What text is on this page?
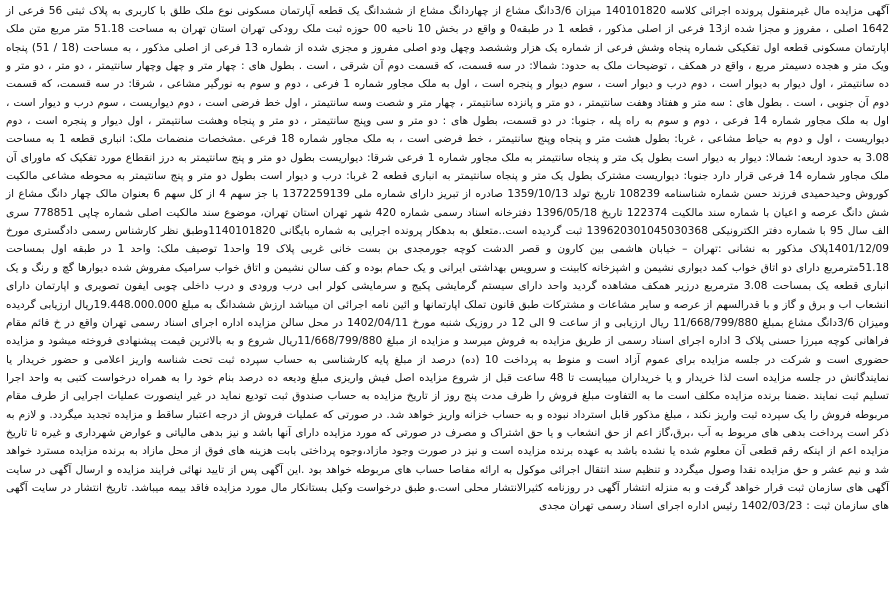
آگهی مزایده مال غیرمنقول پرونده اجرائی کلاسه 140101820 میزان 3/6دانگ مشاع از چهاردانگ مشاع از ششدانگ یک قطعه آپارتمان مسکونی نوع ملک طلق با کاربری به پلاک ثبتی 56 فرعی از 1642 اصلی ، مفروز و مجزا شده از13 فرعی از اصلی مذکور ، قطعه 1 در طبقه0 و واقع در بخش 10 ناحیه 00 حوزه ثبت ملک رودکی تهران استان تهران به مساحت 51.18 متر مربع متن ملک اپارتمان مسکونی قطعه اول تفکیکی شماره پنجاه وشش فرعی از شماره یک هزار وششصد وچهل ودو اصلی مفروز و مجزی شده از شماره 13 فرعی از اصلی مذکور ، به مساحت (18 / 51) پنجاه ویک متر و هجده دسیمتر مربع ، واقع در همکف ، توضیحات ملک به حدود: شمالا: در سه قسمت، که قسمت دوم آن شرقی ، است . بطول های : چهار متر و چهل وچهار سانتیمتر ، دو متر ، دو متر و ده سانتیمتر ، اول دیوار به دیوار است ، دوم درب و دیوار است ، سوم دیوار و پنجره است ، اول به ملک مجاور شماره 1 فرعی ، دوم و سوم به نورگیر مشاعی ، شرقا: در سه قسمت، که قسمت دوم آن جنوبی ، است . بطول های : سه متر و هفتاد وهفت سانتیمتر ، دو متر و پانزده سانتیمتر ، چهار متر و شصت وسه سانتیمتر ، اول خط فرضی است ، دوم دیواریست ، سوم درب و دیوار است ، اول به ملک مجاور شماره 14 فرعی ، دوم و سوم به راه پله ، جنوبا: در دو قسمت، بطول های : دو متر و سی وپنج سانتیمتر ، دو متر و پنجاه وهشت سانتیمتر ، اول دیوار و پنجره است ، دوم دیواریست ، اول و دوم به حیاط مشاعی ، غربا: بطول هشت متر و پنجاه وپنج سانتیمتر ، خط فرضی است ، به ملک مجاور شماره 18 فرعی .مشخصات منضمات ملک: انباری قطعه 1 به مساحت 3.08 به حدود اربعه: شمالا: دیوار به دیوار است بطول یک متر و پنجاه سانتیمتر به ملک مجاور شماره 1 فرعی شرقا: دیواریست بطول دو متر و پنج سانتیمتر به درز انقطاع مورد تفکیک که ماورای آن ملک مجاور شماره 14 فرعی قرار دارد جنوبا: دیواریست مشترک بطول یک متر و پنجاه سانتیمتر به انباری قطعه 2 غربا: درب و دیوار است بطول دو متر و پنج سانتیمتر به محوطه مشاعی مالکیت کوروش وحیدحمیدی فرزند حسن شماره شناسنامه 108239 تاریخ تولد 1359/10/13 صادره از تبریز دارای شماره ملی 1372259139 با جز سهم 4 از کل سهم 6 بعنوان مالک چهار دانگ مشاع از شش دانگ عرصه و اعیان با شماره سند مالکیت 122374 تاریخ 1396/05/18 دفترخانه اسناد رسمی شماره 420 شهر تهران استان تهران، موضوع سند مالکیت اصلی شماره چاپی 778851 سری الف سال 95 با شماره دفتر الکترونیکی 139620301045030368 ثبت گردیده است..متعلق به بدهکار پرونده اجرایی به شماره بایگانی 1140101820وطبق نظر کارشناس رسمی دادگستری مورخ 1401/12/09پلاک مذکور به نشانی :تهران – خیابان هاشمی بین کارون و قصر الدشت کوچه جورمجدی بن بست خانی غربی پلاک 19 واحد1 توصیف ملک: واحد 1 در طبقه اول بمساحت 51.18مترمربع دارای دو اتاق خواب کمد دیواری نشیمن و اشپزخانه کابینت و سرویس بهداشتی ایرانی و یک حمام بوده و کف سالن نشیمن و اتاق خواب سرامیک مفروش شده دیوارها گچ و رنگ و یک انباری قطعه یک بمساحت 3.08 مترمربع درزیر همکف مشاهده گردید واحد دارای سیستم گرمایشی پکیج و سرمایشی کولر ابی درب ورودی و درب داخلی چوبی ایفون تصویری و اپارتمان دارای انشعاب اب و برق و گاز و با قدرالسهم از عرصه و سایر مشاعات و مشترکات طبق قانون تملک اپارتمانها و ائین نامه اجرائی ان میباشد ارزش ششدانگ به مبلغ 19.448.000.000ریال ارزیابی گردیده ومیزان 3/6دانگ مشاع بمبلغ 11/668/799/880 ریال ارزیابی و از ساعت 9 الی 12 در روزیک شنبه مورخ 1402/04/11 در محل سالن مزایده اداره اجرای اسناد رسمی تهران واقع در خ قائم مقام فراهانی کوچه میرزا حسنی پلاک 3 اداره اجرای اسناد رسمی از طریق مزایده به فروش میرسد و مزایده از مبلغ 11/668/799/880ریال شروع و به بالاترین قیمت پیشنهادی فروخته میشود و مزایده حضوری است و شرکت در جلسه مزایده برای عموم آزاد است و منوط به پرداخت 10 (ده) درصد از مبلغ پایه کارشناسی به حساب سپرده ثبت تحت شناسه واریز اعلامی و حضور خریدار یا نمایندگانش در جلسه مزایده است لذا خریدار و یا خریداران میبایست تا 48 ساعت قبل از شروع مزایده اصل فیش واریزی مبلغ ودیعه ده درصد بنام خود را به همراه درخواست کتبی به واحد اجرا تسلیم ثبت نمایند .ضمنا برنده مزایده مکلف است ما به التفاوت مبلغ فروش را ظرف مدت پنج روز از تاریخ مزایده به حساب صندوق ثبت تودیع نماید در غیر اینصورت عملیات اجرایی از طرف مقام مربوطه فروش را یک سپرده ثبت واریز نکند ، مبلغ مذکور قابل استرداد نبوده و به حساب خزانه واریز خواهد شد. در صورتی که عملیات فروش از درجه اعتبار ساقط و مزایده تجدید میگردد. و لازم به ذکر است پرداخت بدهی های مربوط به آب ،برق،گاز اعم از حق انشعاب و یا حق اشتراک و مصرف در صورتی که مورد مزایده دارای آنها باشد و نیز بدهی مالیاتی و عوارض شهرداری و غیره تا تاریخ مزایده اعم از اینکه رقم قطعی آن معلوم شده یا نشده باشد به عهده برنده مزایده است و نیز در صورت وجود مازاد،وجوه پرداختی بابت هزینه های فوق از محل مازاد به برنده مزایده مسترد خواهد شد و نیم عشر و حق مزایده نقدا وصول میگردد و تنظیم سند انتقال اجرائی موکول به ارائه مفاصا حساب های مربوطه خواهد بود .این آگهی پس از تایید نهائی فرایند مزایده و ارسال آگهی در سایت آگهی های سازمان ثبت قرار خواهد گرفت و به منزله انتشار آگهی در روزنامه کثیرالانتشار محلی است.و طبق درخواست وکیل بستانکار مال مورد مزایده فاقد بیمه میباشد. تاریخ انتشار در سایت آگهی های سازمان ثبت : 1402/03/23 رئیس اداره اجرای اسناد رسمی تهران مجدی
